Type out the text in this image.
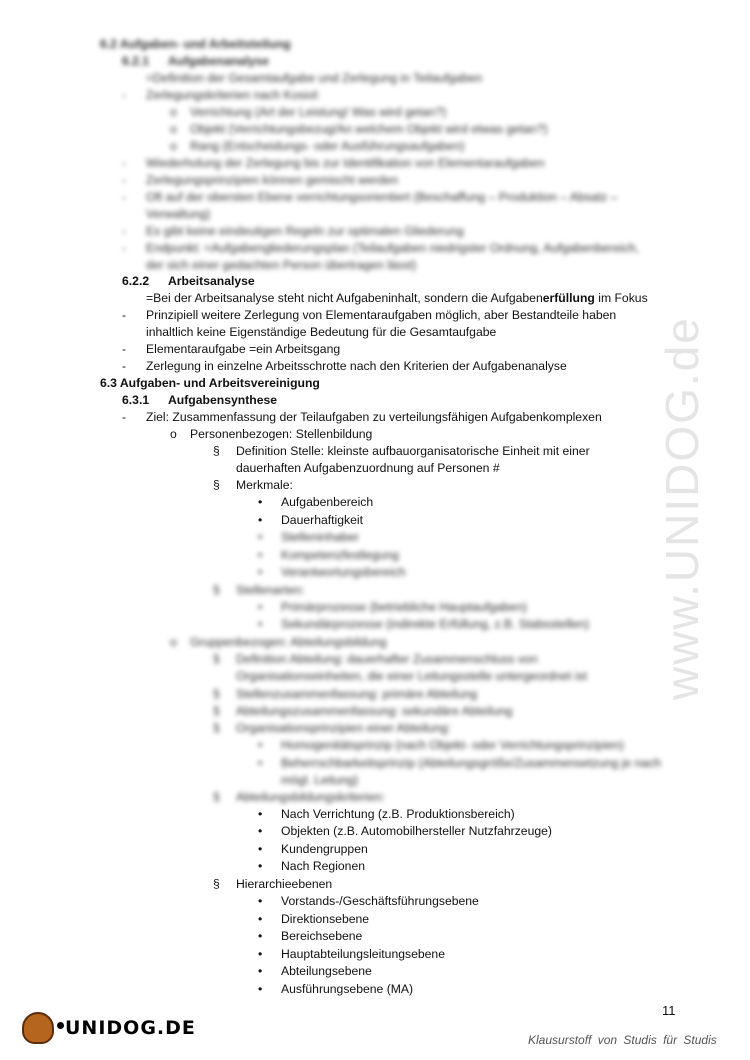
www.UNIDOG.de
6.2 Aufgaben- und Arbeitsteilung
6.2.1 Aufgabenanalyse
=Definition der Gesamtaufgabe und Zerlegung in Teilaufgaben
- Zerlegungskriterien nach Kosiol:
o Verrichtung (Art der Leistung! Was wird getan?)
o Objekt (Verrichtungsbezug/An welchem Objekt wird etwas getan?)
o Rang (Entscheidungs- oder Ausführungsaufgaben)
- Wiederholung der Zerlegung bis zur Identifikation von Elementaraufgaben
- Zerlegungsprinzipien können gemischt werden
- Oft auf der obersten Ebene verrichtungsorientiert (Beschaffung – Produktion – Absatz –
Verwaltung)
- Es gibt keine eindeutigen Regeln zur optimalen Gliederung
- Endpunkt: =Aufgabengliederungsplan (Teilaufgaben niedrigster Ordnung, Aufgabenbereich,
der sich einer gedachten Person übertragen lässt)
6.2.2 Arbeitsanalyse
=Bei der Arbeitsanalyse steht nicht Aufgabeninhalt, sondern die Aufgabenerfüllung im Fokus
- Prinzipiell weitere Zerlegung von Elementaraufgaben möglich, aber Bestandteile haben
inhaltlich keine Eigenständige Bedeutung für die Gesamtaufgabe
- Elementaraufgabe =ein Arbeitsgang
- Zerlegung in einzelne Arbeitsschrotte nach den Kriterien der Aufgabenanalyse
6.3 Aufgaben- und Arbeitsvereinigung
6.3.1 Aufgabensynthese
- Ziel: Zusammenfassung der Teilaufgaben zu verteilungsfähigen Aufgabenkomplexen
o Personenbezogen: Stellenbildung
§ Definition Stelle: kleinste aufbauorganisatorische Einheit mit einer
dauerhaften Aufgabenzuordnung auf Personen #
§ Merkmale:
• Aufgabenbereich
• Dauerhaftigkeit
• Stelleninhaber
• Kompetenzfestlegung
• Verantwortungsbereich
§ Stellenarten:
• Primärprozesse (betriebliche Hauptaufgaben)
• Sekundärprozesse (indirekte Erfüllung, z.B. Stabsstellen)
o Gruppenbezogen: Abteilungsbildung
§ Definition Abteilung: dauerhafter Zusammenschluss von
Organisationseinheiten, die einer Leitungsstelle untergeordnet ist
§ Stellenzusammenfassung: primäre Abteilung
§ Abteilungszusammenfassung: sekundäre Abteilung
§ Organisationsprinzipien einer Abteilung:
• Homogenitätsprinzip (nach Objekt- oder Verrichtungsprinzipien)
• Beherrschbarkeitsprinzip (Abteilungsgröße/Zusammensetzung je nach
mögl. Leitung)
§ Abteilungsbildungskriterien:
• Nach Verrichtung (z.B. Produktionsbereich)
• Objekten (z.B. Automobilhersteller Nutzfahrzeuge)
• Kundengruppen
• Nach Regionen
§ Hierarchieebenen
• Vorstands-/Geschäftsführungsebene
• Direktionsebene
• Bereichsebene
• Hauptabteilungsleitungsebene
• Abteilungsebene
• Ausführungsebene (MA)
11
UNIDOG.DE
Klausurstoff von Studis für Studis
